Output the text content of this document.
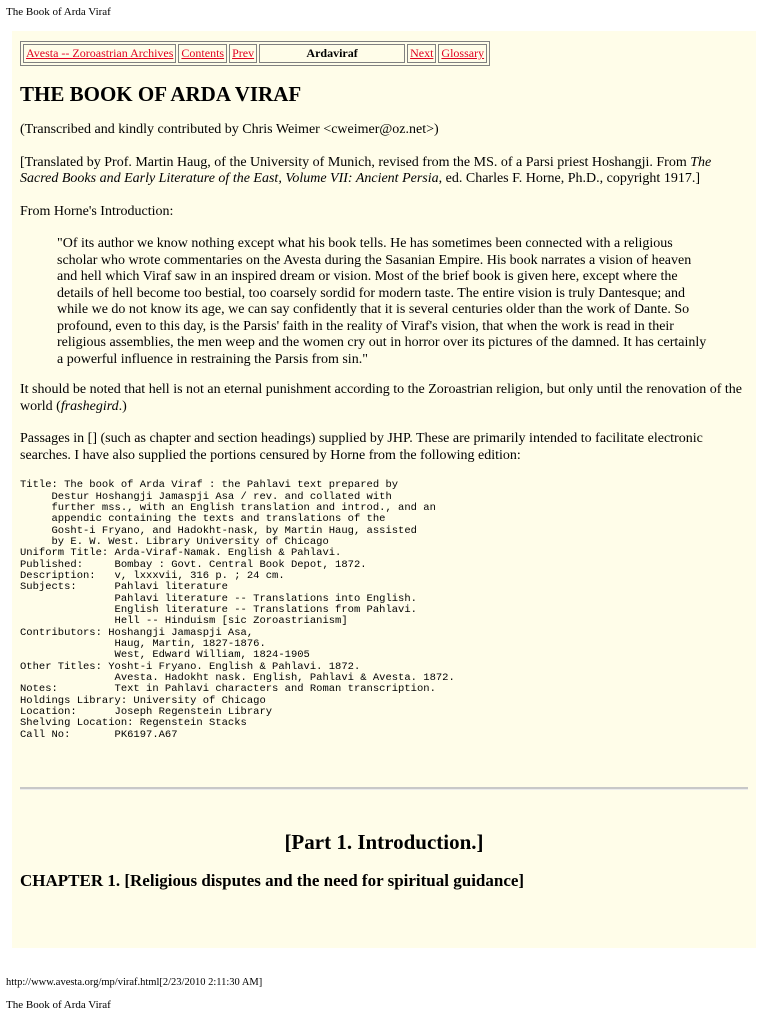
The Book of Arda Viraf
Avesta -- Zoroastrian Archives	Contents	Prev	Ardaviraf	Next	Glossary
THE BOOK OF ARDA VIRAF

(Transcribed and kindly contributed by Chris Weimer <cweimer@oz.net>)

[Translated by Prof. Martin Haug, of the University of Munich, revised from the MS. of a Parsi priest Hoshangji. From The Sacred Books and Early Literature of the East, Volume VII: Ancient Persia, ed. Charles F. Horne, Ph.D., copyright 1917.]

From Horne's Introduction:

"Of its author we know nothing except what his book tells. He has sometimes been connected with a religious scholar who wrote commentaries on the Avesta during the Sasanian Empire. His book narrates a vision of heaven and hell which Viraf saw in an inspired dream or vision. Most of the brief book is given here, except where the details of hell become too bestial, too coarsely sordid for modern taste. The entire vision is truly Dantesque; and while we do not know its age, we can say confidently that it is several centuries older than the work of Dante. So profound, even to this day, is the Parsis' faith in the reality of Viraf's vision, that when the work is read in their religious assemblies, the men weep and the women cry out in horror over its pictures of the damned. It has certainly a powerful influence in restraining the Parsis from sin."

It should be noted that hell is not an eternal punishment according to the Zoroastrian religion, but only until the renovation of the world (frashegird.)

Passages in [] (such as chapter and section headings) supplied by JHP. These are primarily intended to facilitate electronic searches. I have also supplied the portions censured by Horne from the following edition:

Title: The book of Arda Viraf : the Pahlavi text prepared by
Destur Hoshangji Jamaspji Asa / rev. and collated with
further mss., with an English translation and introd., and an
appendic containing the texts and translations of the
Gosht-i Fryano, and Hadokht-nask, by Martin Haug, assisted
by E. W. West. Library University of Chicago
Uniform Title: Arda-Viraf-Namak. English & Pahlavi.
Published:     Bombay : Govt. Central Book Depot, 1872.
Description:   v, lxxxvii, 316 p. ; 24 cm.
Subjects:      Pahlavi literature
Pahlavi literature -- Translations into English.
English literature -- Translations from Pahlavi.
Hell -- Hinduism [sic Zoroastrianism]
Contributors: Hoshangji Jamaspji Asa,
Haug, Martin, 1827-1876.
West, Edward William, 1824-1905
Other Titles: Yosht-i Fryano. English & Pahlavi. 1872.
Avesta. Hadokht nask. English, Pahlavi & Avesta. 1872.
Notes:         Text in Pahlavi characters and Roman transcription.
Holdings Library: University of Chicago
Location:      Joseph Regenstein Library
Shelving Location: Regenstein Stacks
Call No:       PK6197.A67
[Part 1. Introduction.]
CHAPTER 1. [Religious disputes and the need for spiritual guidance]
http://www.avesta.org/mp/viraf.html[2/23/2010 2:11:30 AM]
The Book of Arda Viraf
